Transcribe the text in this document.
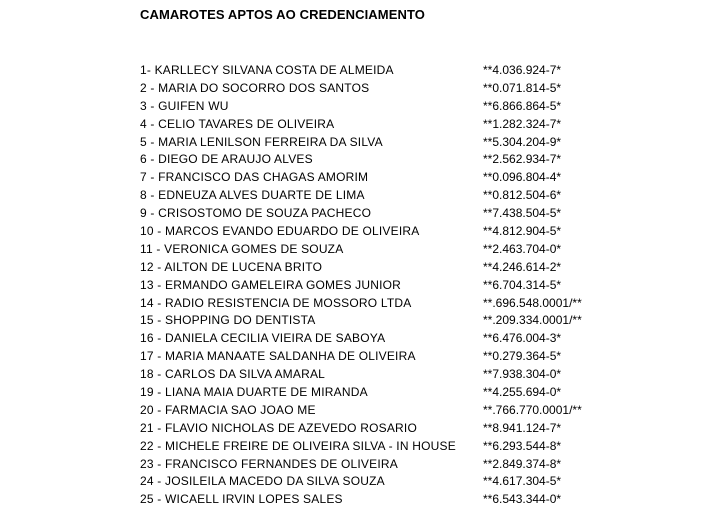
CAMAROTES APTOS AO CREDENCIAMENTO
1- KARLLECY SILVANA COSTA DE ALMEIDA	**4.036.924-7*
2 - MARIA DO SOCORRO DOS SANTOS	**0.071.814-5*
3 - GUIFEN WU	**6.866.864-5*
4 - CELIO TAVARES DE OLIVEIRA	**1.282.324-7*
5 - MARIA LENILSON FERREIRA DA SILVA	**5.304.204-9*
6 - DIEGO DE ARAUJO ALVES	**2.562.934-7*
7 - FRANCISCO DAS CHAGAS AMORIM	**0.096.804-4*
8 - EDNEUZA ALVES DUARTE DE LIMA	**0.812.504-6*
9 - CRISOSTOMO DE SOUZA PACHECO	**7.438.504-5*
10 - MARCOS EVANDO EDUARDO DE OLIVEIRA	**4.812.904-5*
11 - VERONICA GOMES DE SOUZA	**2.463.704-0*
12 - AILTON DE LUCENA BRITO	**4.246.614-2*
13 - ERMANDO GAMELEIRA GOMES JUNIOR	**6.704.314-5*
14 - RADIO RESISTENCIA DE MOSSORO LTDA	**.696.548.0001/**
15 - SHOPPING DO DENTISTA	**.209.334.0001/**
16 - DANIELA CECILIA VIEIRA DE SABOYA	**6.476.004-3*
17 - MARIA MANAATE SALDANHA DE OLIVEIRA	**0.279.364-5*
18 - CARLOS DA SILVA AMARAL	**7.938.304-0*
19 - LIANA MAIA DUARTE DE MIRANDA	**4.255.694-0*
20 - FARMACIA SAO JOAO ME	**.766.770.0001/**
21 - FLAVIO NICHOLAS DE AZEVEDO ROSARIO	**8.941.124-7*
22 - MICHELE FREIRE DE OLIVEIRA SILVA - IN HOUSE **6.293.544-8*
23 - FRANCISCO FERNANDES DE OLIVEIRA	**2.849.374-8*
24 - JOSILEILA MACEDO DA SILVA SOUZA	**4.617.304-5*
25 - WICAELL IRVIN LOPES SALES	**6.543.344-0*
